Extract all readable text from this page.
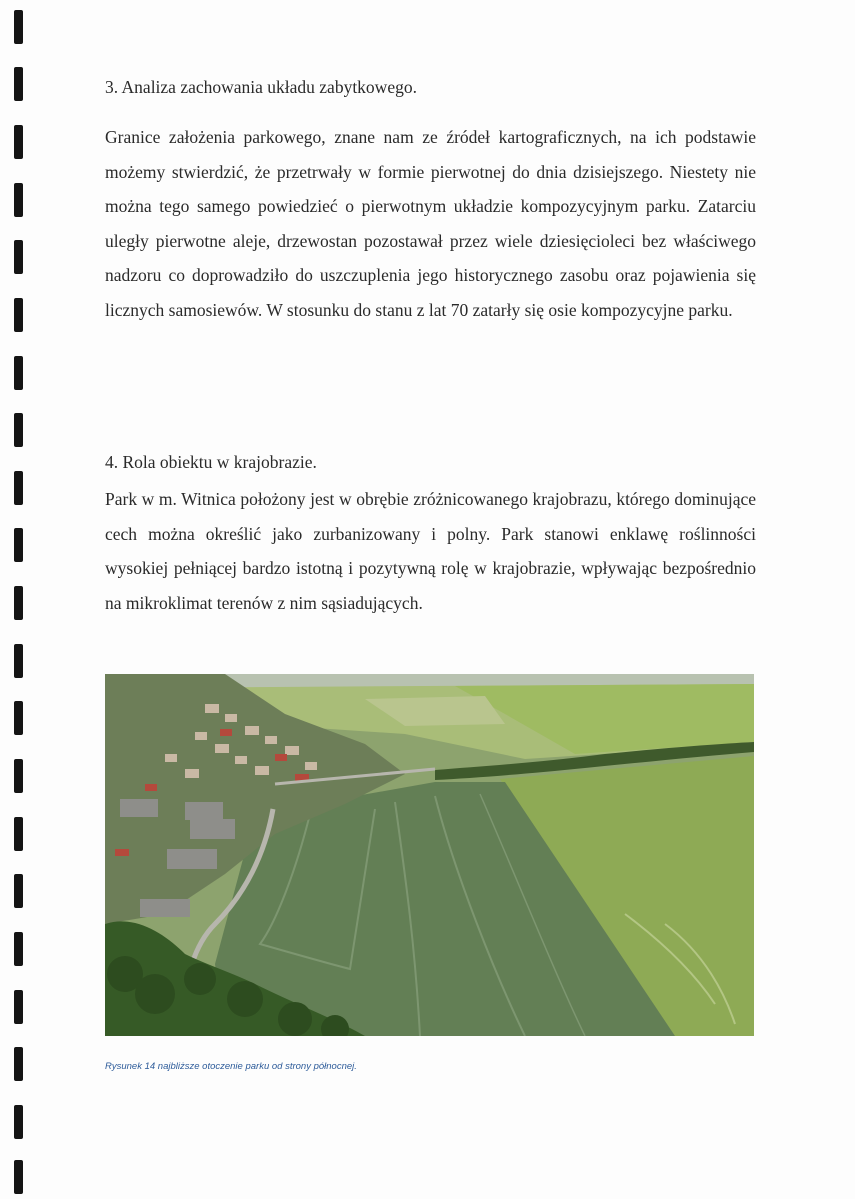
3. Analiza zachowania układu zabytkowego.

Granice założenia parkowego, znane nam ze źródeł kartograficznych, na ich podstawie możemy stwierdzić, że przetrwały w formie pierwotnej do dnia dzisiejszego. Niestety nie można tego samego powiedzieć o pierwotnym układzie kompozycyjnym parku. Zatarciu uległy pierwotne aleje, drzewostan pozostawał przez wiele dziesięcioleci bez właściwego nadzoru co doprowadziło do uszczuplenia jego historycznego zasobu oraz pojawienia się licznych samosiewów. W stosunku do stanu z lat 70 zatarły się osie kompozycyjne parku.

4. Rola obiektu w krajobrazie.

Park w m. Witnica położony jest w obrębie zróżnicowanego krajobrazu, którego dominujące cech można określić jako zurbanizowany i polny. Park stanowi enklawę roślinności wysokiej pełniącej bardzo istotną i pozytywną rolę w krajobrazie, wpływając bezpośrednio na mikroklimat terenów z nim sąsiadujących.

Rysunek 14 najbliższe otoczenie parku od strony północnej.
